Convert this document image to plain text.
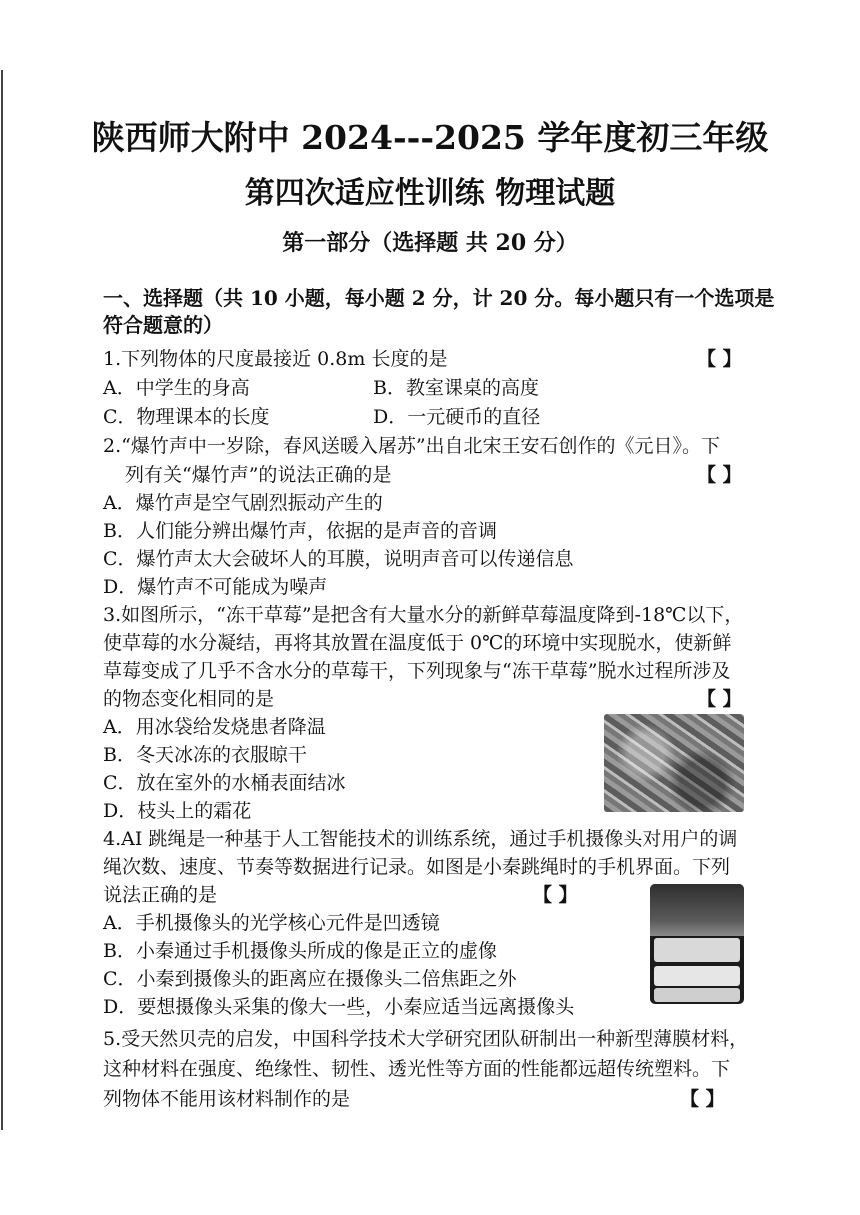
陕西师大附中 2024---2025 学年度初三年级
第四次适应性训练 物理试题
第一部分（选择题 共 20 分）

一、选择题（共 10 小题，每小题 2 分，计 20 分。每小题只有一个选项是符合题意的）

1.下列物体的尺度最接近 0.8m 长度的是	【 】
A．中学生的身高	B．教室课桌的高度
C．物理课本的长度	D．一元硬币的直径
2.“爆竹声中一岁除，春风送暖入屠苏”出自北宋王安石创作的《元日》。下
列有关“爆竹声”的说法正确的是	【 】
A．爆竹声是空气剧烈振动产生的
B．人们能分辨出爆竹声，依据的是声音的音调
C．爆竹声太大会破坏人的耳膜，说明声音可以传递信息
D．爆竹声不可能成为噪声
3.如图所示，“冻干草莓”是把含有大量水分的新鲜草莓温度降到-18℃以下，
使草莓的水分凝结，再将其放置在温度低于 0℃的环境中实现脱水，使新鲜
草莓变成了几乎不含水分的草莓干，下列现象与“冻干草莓”脱水过程所涉及
的物态变化相同的是	【 】
A．用冰袋给发烧患者降温
B．冬天冰冻的衣服晾干
C．放在室外的水桶表面结冰
D．枝头上的霜花
4.AI 跳绳是一种基于人工智能技术的训练系统，通过手机摄像头对用户的调
绳次数、速度、节奏等数据进行记录。如图是小秦跳绳时的手机界面。下列
说法正确的是	【 】
A．手机摄像头的光学核心元件是凹透镜
B．小秦通过手机摄像头所成的像是正立的虚像
C．小秦到摄像头的距离应在摄像头二倍焦距之外
D．要想摄像头采集的像大一些，小秦应适当远离摄像头
5.受天然贝壳的启发，中国科学技术大学研究团队研制出一种新型薄膜材料，
这种材料在强度、绝缘性、韧性、透光性等方面的性能都远超传统塑料。下
列物体不能用该材料制作的是	【 】
